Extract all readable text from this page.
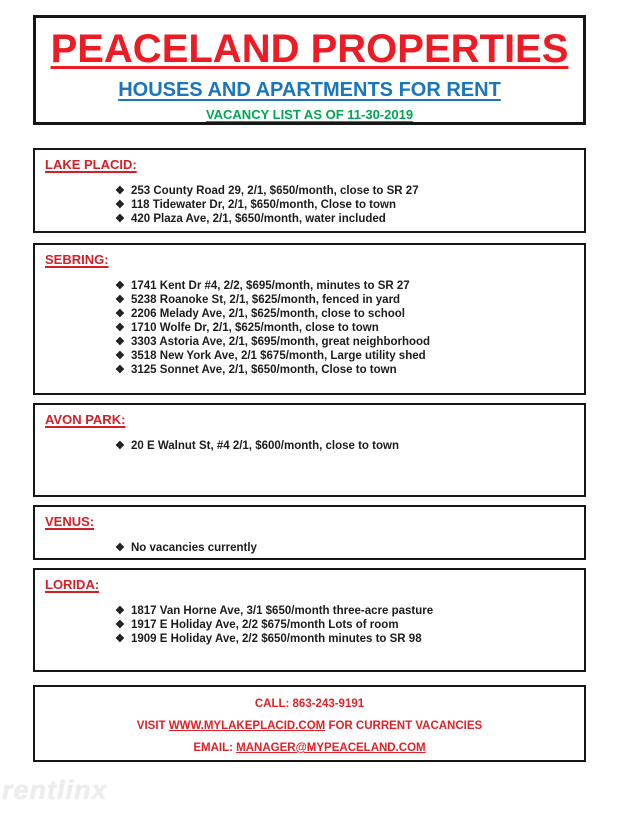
PEACELAND PROPERTIES
HOUSES AND APARTMENTS FOR RENT
VACANCY LIST AS OF 11-30-2019
LAKE PLACID:
❖ 253 County Road 29, 2/1, $650/month, close to SR 27
❖ 118 Tidewater Dr, 2/1, $650/month, Close to town
❖ 420 Plaza Ave, 2/1, $650/month, water included
SEBRING:
❖ 1741 Kent Dr #4, 2/2, $695/month, minutes to SR 27
❖ 5238 Roanoke St, 2/1, $625/month, fenced in yard
❖ 2206 Melady Ave, 2/1, $625/month, close to school
❖ 1710 Wolfe Dr, 2/1, $625/month, close to town
❖ 3303 Astoria Ave, 2/1, $695/month, great neighborhood
❖ 3518 New York Ave, 2/1 $675/month, Large utility shed
❖ 3125 Sonnet Ave, 2/1, $650/month, Close to town
AVON PARK:
❖ 20 E Walnut St, #4 2/1, $600/month, close to town
VENUS:
❖ No vacancies currently
LORIDA:
❖ 1817 Van Horne Ave, 3/1 $650/month three-acre pasture
❖ 1917 E Holiday Ave, 2/2 $675/month Lots of room
❖ 1909 E Holiday Ave, 2/2 $650/month minutes to SR 98
CALL: 863-243-9191
VISIT WWW.MYLAKEPLACID.COM FOR CURRENT VACANCIES
EMAIL: MANAGER@MYPEACELAND.COM
rentlinx
